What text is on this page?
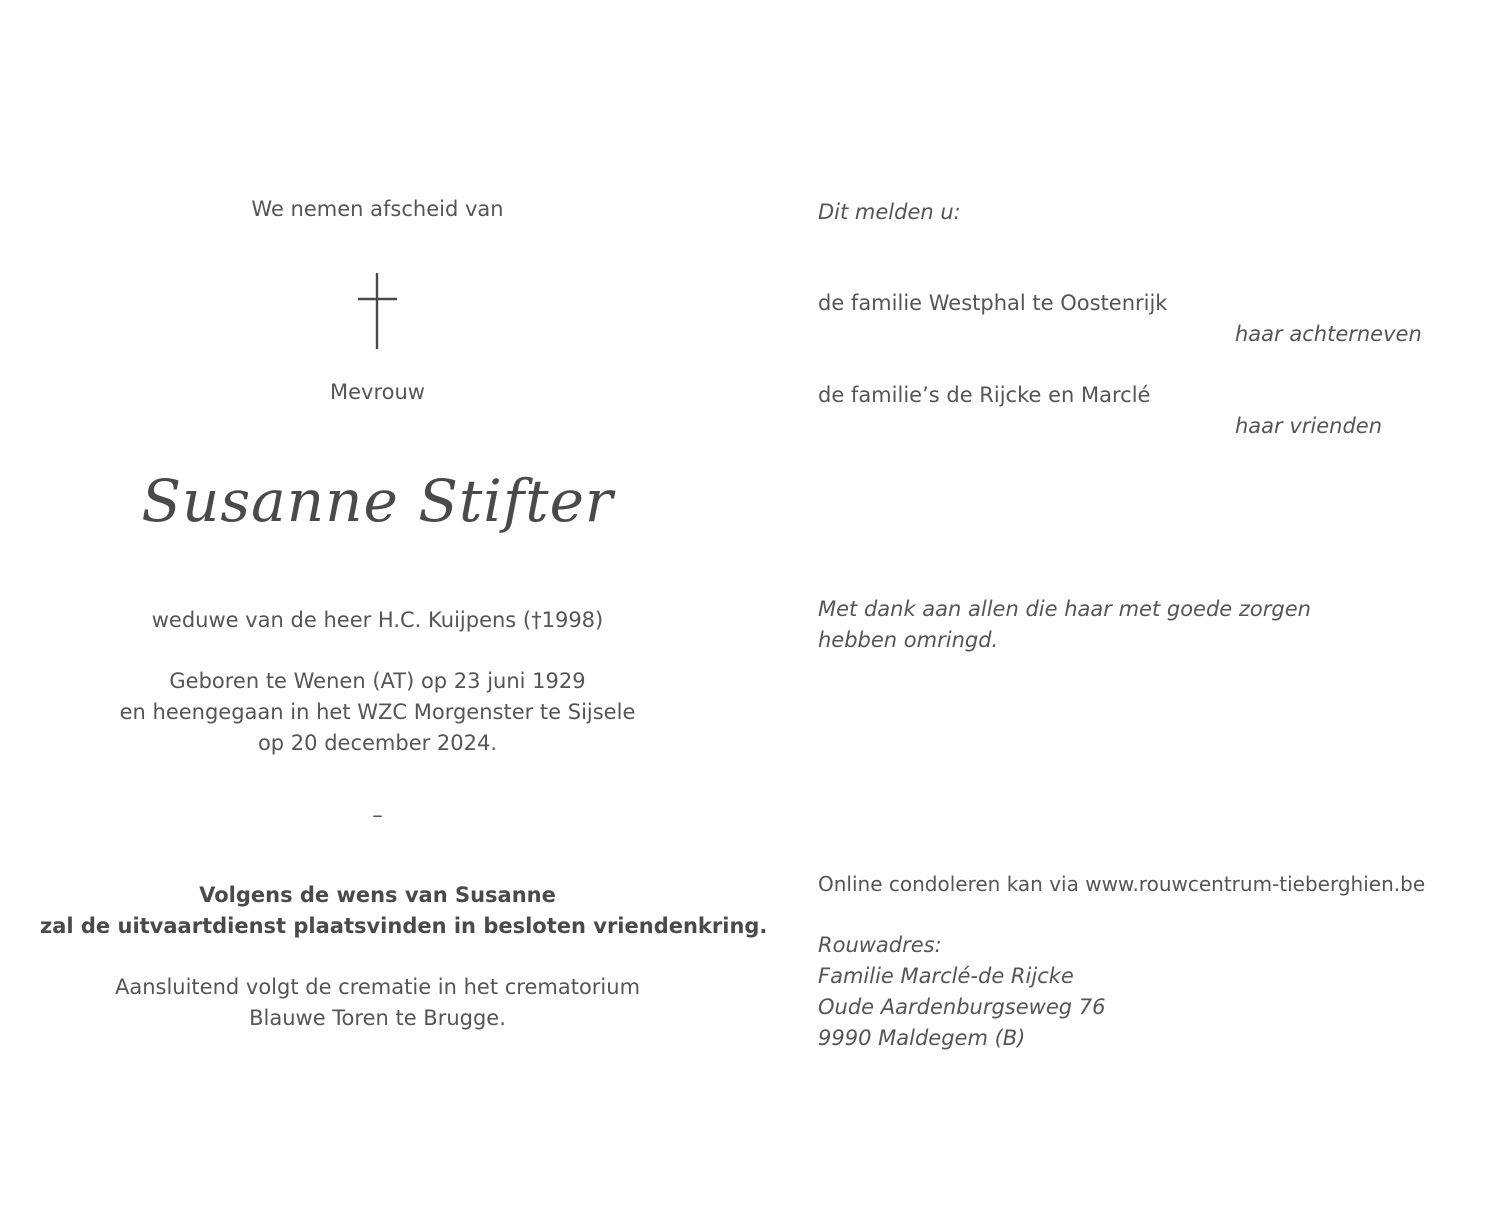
We nemen afscheid van
Mevrouw
Susanne Stifter
weduwe van de heer H.C. Kuijpens (†1998)
Geboren te Wenen (AT) op 23 juni 1929
en heengegaan in het WZC Morgenster te Sijsele
op 20 december 2024.
–
Volgens de wens van Susanne
zal de uitvaartdienst plaatsvinden in besloten vriendenkring.
Aansluitend volgt de crematie in het crematorium
Blauwe Toren te Brugge.
Dit melden u:
de familie Westphal te Oostenrijk
haar achterneven
de familie’s de Rijcke en Marclé
haar vrienden
Met dank aan allen die haar met goede zorgen
hebben omringd.
Online condoleren kan via www.rouwcentrum-tieberghien.be
Rouwadres:
Familie Marclé-de Rijcke
Oude Aardenburgseweg 76
9990 Maldegem (B)
